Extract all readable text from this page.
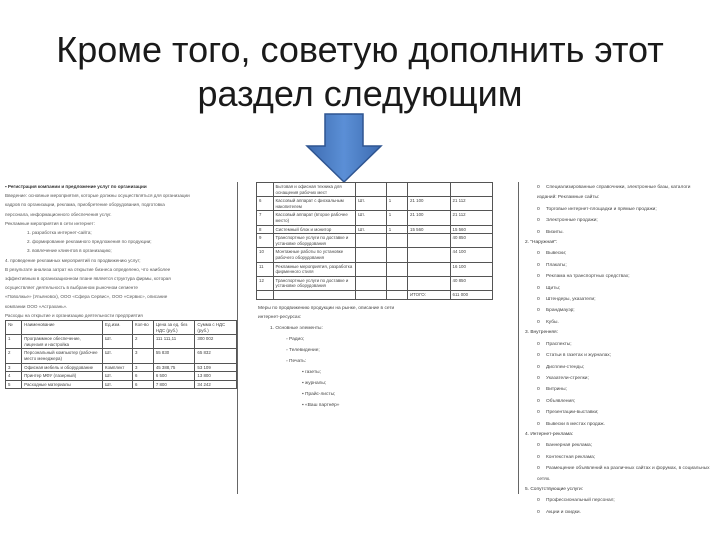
Кроме того, советую дополнить этот
раздел следующим
▪ Регистрация компании и предложение услуг по организации
Введение: основные мероприятия, которые должны осуществляться для организации
кадров по организации, реклама, приобретение оборудования, подготовка
персонала, информационного обеспечения услуг.
Рекламные мероприятия в сети интернет:
1. разработка интернет-сайта;
2. формирование рекламного предложения по продукции;
3. вовлечение клиентов в организацию;
4. проведение рекламных мероприятий по продвижению услуг;
В результате анализа затрат на открытие бизнеса определено, что наиболее
эффективным в организационном плане является структура фирмы, которая
осуществляет деятельность в выбранном рыночном сегменте
«Поволжье» (Ульяновск), ООО «Сфера Сервис», ООО «Сервис», описание
компании ООО «Астрахань».
Расходы на открытие и организацию деятельности предприятия
№	Наименование	Ед.изм.	Кол-во	Цена за ед. без НДС (руб.)	Сумма с НДС (руб.)
1	Программное обеспечение, лицензия и настройка	Шт.	2	111 111,11	300 002
2	Персональный компьютер (рабочее место менеджера)	Шт.	3	55 830	65 832
3	Офисная мебель и оборудование	Комплект	3	45 388,75	53 109
4	Принтер МФУ (лазерный)	Шт.	6	6 500	13 800
5	Расходные материалы	Шт.	6	7 800	34 242
	Бытовая и офисная техника для оснащения рабочих мест				
6	Кассовый аппарат с фискальным накопителем	Шт.	1	21 100	21 112
7	Кассовый аппарат (второе рабочее место)	Шт.	1	21 100	21 112
8	Системный блок и монитор	Шт.	1	15 560	15 560
9	Транспортные услуги по доставке и установке оборудования				40 850
10	Монтажные работы по установке рабочего оборудования				44 100
11	Рекламные мероприятия, разработка фирменного стиля				16 100
12	Транспортные услуги по доставке и установке оборудования				40 850
				ИТОГО:	611 000
Меры по продвижению продукции на рынке, описание в сети
интернет-ресурсах:
1. Основные элементы:
▫ Радио;
▫ Телевидение;
▫ Печать:
▪ газеты;
▪ журналы;
▪ Прайс-листы;
▪ «Ваш партнёр»
o Специализированные справочники, электронные базы, каталоги
изданий: Рекламные сайты:
o Торговые интернет-площадки и прямые продажи;
o Электронные продажи;
o Визиты.
2. "Наружная":
o Вывески;
o Плакаты;
o Реклама на транспортных средствах;
o Щиты;
o Штендеры, указатели;
o Брандмауэр;
o Кубы.
3. Внутренняя:
o Праспекты;
o Статьи в газетах и журналах;
o Дисплеи-стенды;
o Указатели-стрелки;
o Витрины;
o Объявления;
o Презентации-выставки;
o Вывески в местах продаж.
4. Интернет-реклама:
o Баннерная реклама;
o Контекстная реклама;
o Размещение объявлений на различных сайтах и форумах, в социальных
сетях.
5. Сопутствующие услуги:
o Профессиональный персонал;
o Акции и скидки.
